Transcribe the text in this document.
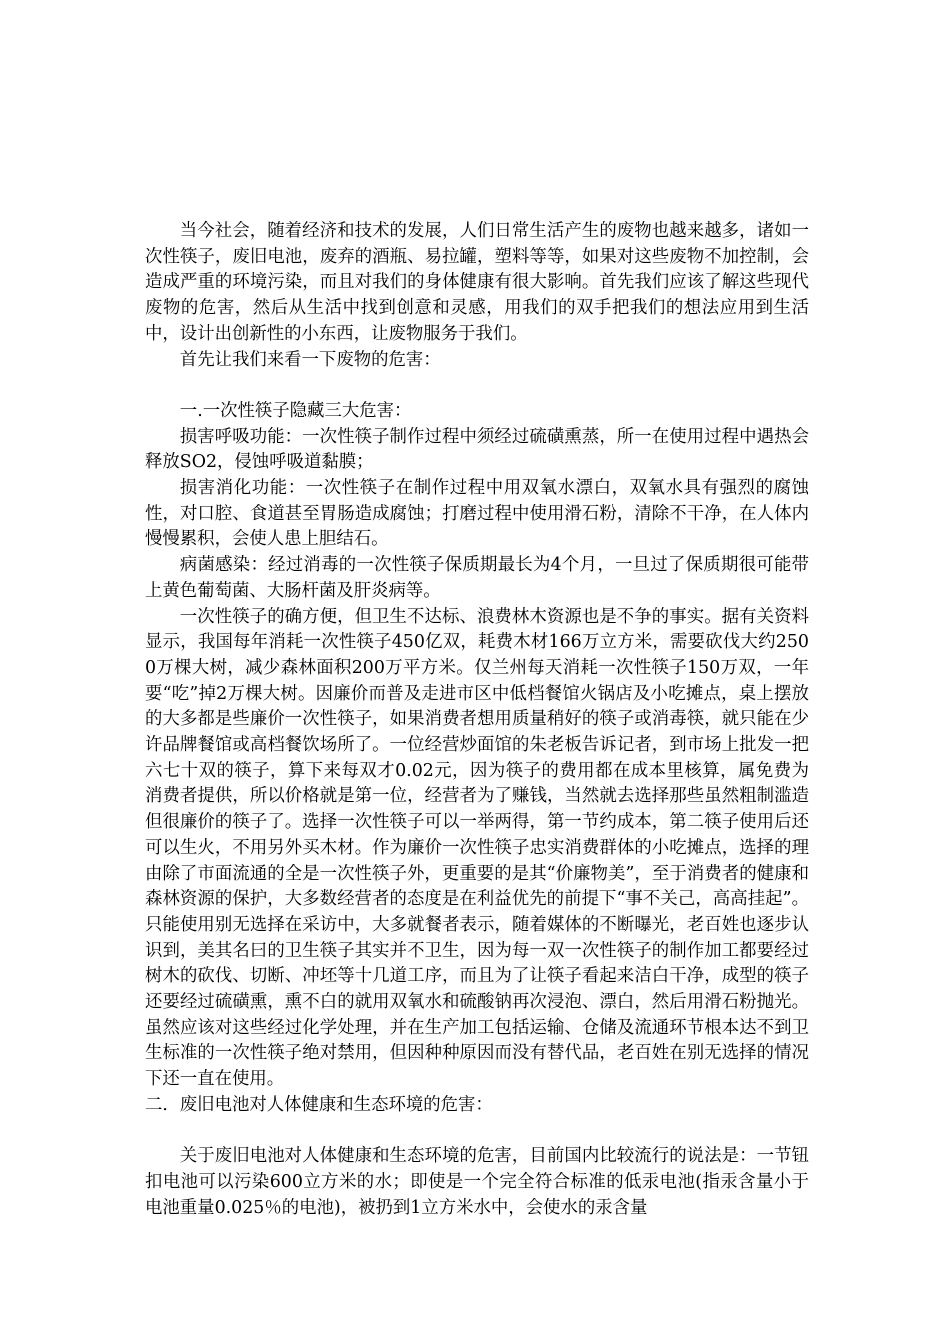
当今社会，随着经济和技术的发展，人们日常生活产生的废物也越来越多，诸如一次性筷子，废旧电池，废弃的酒瓶、易拉罐，塑料等等，如果对这些废物不加控制，会造成严重的环境污染，而且对我们的身体健康有很大影响。首先我们应该了解这些现代废物的危害，然后从生活中找到创意和灵感，用我们的双手把我们的想法应用到生活中，设计出创新性的小东西，让废物服务于我们。

首先让我们来看一下废物的危害：

一.一次性筷子隐藏三大危害：

损害呼吸功能：一次性筷子制作过程中须经过硫磺熏蒸，所一在使用过程中遇热会释放SO2，侵蚀呼吸道黏膜；

损害消化功能：一次性筷子在制作过程中用双氧水漂白，双氧水具有强烈的腐蚀性，对口腔、食道甚至胃肠造成腐蚀；打磨过程中使用滑石粉，清除不干净，在人体内慢慢累积，会使人患上胆结石。

病菌感染：经过消毒的一次性筷子保质期最长为4个月，一旦过了保质期很可能带上黄色葡萄菌、大肠杆菌及肝炎病等。

一次性筷子的确方便，但卫生不达标、浪费林木资源也是不争的事实。据有关资料显示，我国每年消耗一次性筷子450亿双，耗费木材166万立方米，需要砍伐大约2500万棵大树，减少森林面积200万平方米。仅兰州每天消耗一次性筷子150万双，一年要“吃”掉2万棵大树。因廉价而普及走进市区中低档餐馆火锅店及小吃摊点，桌上摆放的大多都是些廉价一次性筷子，如果消费者想用质量稍好的筷子或消毒筷，就只能在少许品牌餐馆或高档餐饮场所了。一位经营炒面馆的朱老板告诉记者，到市场上批发一把六七十双的筷子，算下来每双才0.02元，因为筷子的费用都在成本里核算，属免费为消费者提供，所以价格就是第一位，经营者为了赚钱，当然就去选择那些虽然粗制滥造但很廉价的筷子了。选择一次性筷子可以一举两得，第一节约成本，第二筷子使用后还可以生火，不用另外买木材。作为廉价一次性筷子忠实消费群体的小吃摊点，选择的理由除了市面流通的全是一次性筷子外，更重要的是其“价廉物美”，至于消费者的健康和森林资源的保护，大多数经营者的态度是在利益优先的前提下“事不关己，高高挂起”。只能使用别无选择在采访中，大多就餐者表示，随着媒体的不断曝光，老百姓也逐步认识到，美其名曰的卫生筷子其实并不卫生，因为每一双一次性筷子的制作加工都要经过树木的砍伐、切断、冲坯等十几道工序，而且为了让筷子看起来洁白干净，成型的筷子还要经过硫磺熏，熏不白的就用双氧水和硫酸钠再次浸泡、漂白，然后用滑石粉抛光。虽然应该对这些经过化学处理，并在生产加工包括运输、仓储及流通环节根本达不到卫生标准的一次性筷子绝对禁用，但因种种原因而没有替代品，老百姓在别无选择的情况下还一直在使用。

二．废旧电池对人体健康和生态环境的危害：

关于废旧电池对人体健康和生态环境的危害，目前国内比较流行的说法是：一节钮扣电池可以污染600立方米的水；即使是一个完全符合标准的低汞电池(指汞含量小于电池重量0.025％的电池)，被扔到1立方米水中，会使水的汞含量
